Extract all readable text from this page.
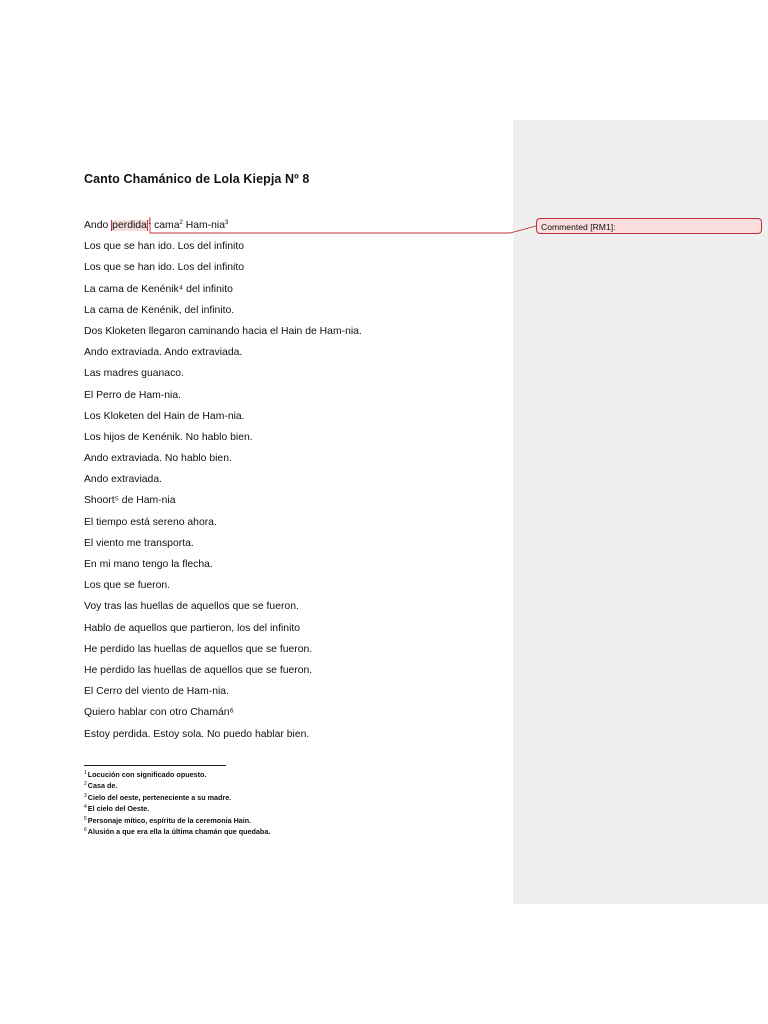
Canto Chamánico de Lola Kiepja Nº 8
Ando perdida$^1$ cama$^2$ Ham-nia$^3$
Los que se han ido. Los del infinito
Los que se han ido. Los del infinito
La cama de Kenénik⁴ del infinito
La cama de Kenénik, del infinito.
Dos Kloketen llegaron caminando hacia el Hain de Ham-nia.
Ando extraviada. Ando extraviada.
Las madres guanaco.
El Perro de Ham-nia.
Los Kloketen del Hain de Ham-nia.
Los hijos de Kenénik. No hablo bien.
Ando extraviada. No hablo bien.
Ando extraviada.
Shoort⁵ de Ham-nia
El tiempo está sereno ahora.
El viento me transporta.
En mi mano tengo la flecha.
Los que se fueron.
Voy tras las huellas de aquellos que se fueron.
Hablo de aquellos que partieron, los del infinito
He perdido las huellas de aquellos que se fueron.
He perdido las huellas de aquellos que se fueron.
El Cerro del viento de Ham-nia.
Quiero hablar con otro Chamán⁶
Estoy perdida. Estoy sola. No puedo hablar bien.
$^1$Locución con significado opuesto.
$^2$Casa de.
$^3$Cielo del oeste, perteneciente a su madre.
$^4$El cielo del Oeste.
$^5$Personaje mítico, espíritu de la ceremonia Hain.
$^6$Alusión a que era ella la última chamán que quedaba.
Commented [RM1]:
